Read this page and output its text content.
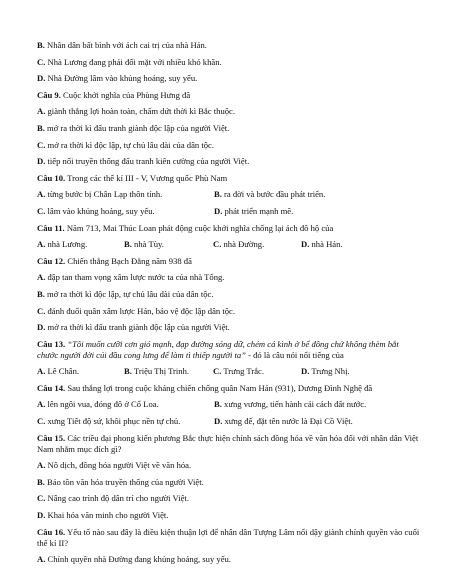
B. Nhân dân bất bình với ách cai trị của nhà Hán.

C. Nhà Lương đang phải đối mặt với nhiều khó khăn.

D. Nhà Đường lâm vào khủng hoảng, suy yếu.

Câu 9. Cuộc khởi nghĩa của Phùng Hưng đã

A. giành thắng lợi hoàn toàn, chấm dứt thời kì Bắc thuộc.

B. mở ra thời kì đấu tranh giành độc lập của người Việt.

C. mở ra thời kì độc lập, tự chủ lâu dài của dân tộc.

D. tiếp nối truyền thống đấu tranh kiên cường của người Việt.

Câu 10. Trong các thế kỉ III - V, Vương quốc Phù Nam

A. từng bước bị Chân Lạp thôn tính.	B. ra đời và bước đầu phát triển.
C. lâm vào khủng hoảng, suy yếu.	D. phát triển mạnh mẽ.

Câu 11. Năm 713, Mai Thúc Loan phát động cuộc khởi nghĩa chống lại ách đô hộ của

A. nhà Lương.	B. nhà Tùy.	C. nhà Đường.	D. nhà Hán.

Câu 12. Chiến thắng Bạch Đằng năm 938 đã

A. đập tan tham vọng xâm lược nước ta của nhà Tống.

B. mở ra thời kì độc lập, tự chủ lâu dài của dân tộc.

C. đánh đuổi quân xâm lược Hán, bảo vệ độc lập dân tộc.

D. mở ra thời kì đấu tranh giành độc lập của người Việt.

Câu 13. “Tôi muốn cưỡi cơn gió mạnh, đạp đường sóng dữ, chém cá kình ở bể đông chứ không thèm bắt chước người đời cúi đầu cong lưng để làm tì thiếp người ta” - đó là câu nói nổi tiếng của

A. Lê Chân.	B. Triệu Thị Trinh.	C. Trưng Trắc.	D. Trưng Nhị.

Câu 14. Sau thắng lợi trong cuộc kháng chiến chống quân Nam Hán (931), Dương Đình Nghệ đã

A. lên ngôi vua, đóng đô ở Cổ Loa.	B. xưng vương, tiến hành cải cách đất nước.
C. xưng Tiết độ sứ, khôi phục nền tự chủ.	D. xưng đế, đặt tên nước là Đại Cồ Việt.

Câu 15. Các triều đại phong kiến phương Bắc thực hiện chính sách đồng hóa về văn hóa đối với nhân dân Việt Nam nhằm mục đích gì?

A. Nô dịch, đồng hóa người Việt về văn hóa.

B. Bảo tồn văn hóa truyền thống của người Việt.

C. Nâng cao trình độ dân trí cho người Việt.

D. Khai hóa văn minh cho người Việt.

Câu 16. Yếu tố nào sau đây là điều kiện thuận lợi để nhân dân Tượng Lâm nổi dậy giành chính quyền vào cuối thế kỉ II?

A. Chính quyền nhà Đường đang khủng hoảng, suy yếu.
